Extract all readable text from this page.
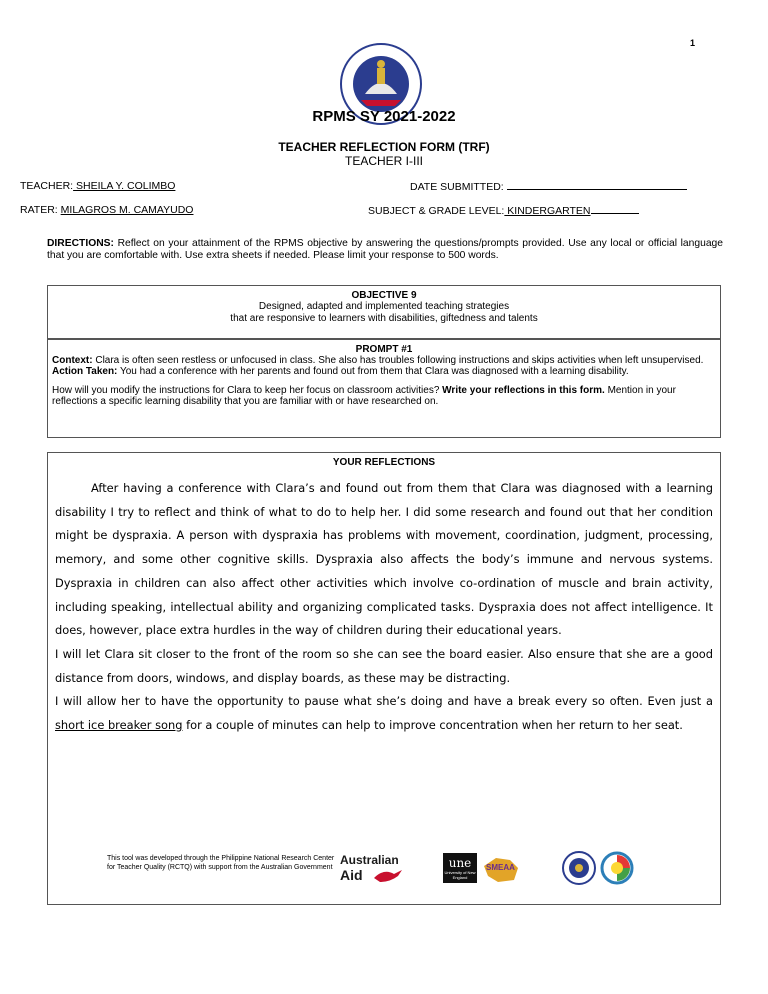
1
RPMS SY 2021-2022
TEACHER REFLECTION FORM (TRF)
TEACHER I-III
TEACHER: SHEILA Y. COLIMBO	DATE SUBMITTED:
RATER: MILAGROS M. CAMAYUDO	SUBJECT & GRADE LEVEL: KINDERGARTEN
DIRECTIONS: Reflect on your attainment of the RPMS objective by answering the questions/prompts provided. Use any local or official language that you are comfortable with. Use extra sheets if needed. Please limit your response to 500 words.
OBJECTIVE 9
Designed, adapted and implemented teaching strategies
that are responsive to learners with disabilities, giftedness and talents
PROMPT #1

Context: Clara is often seen restless or unfocused in class. She also has troubles following instructions and skips activities when left unsupervised.

Action Taken: You had a conference with her parents and found out from them that Clara was diagnosed with a learning disability.

How will you modify the instructions for Clara to keep her focus on classroom activities? Write your reflections in this form. Mention in your reflections a specific learning disability that you are familiar with or have researched on.

YOUR REFLECTIONS

After having a conference with Clara’s and found out from them that Clara was diagnosed with a learning disability I try to reflect and think of what to do to help her. I did some research and found out that her condition might be dyspraxia. A person with dyspraxia has problems with movement, coordination, judgment, processing, memory, and some other cognitive skills. Dyspraxia also affects the body’s immune and nervous systems. Dyspraxia in children can also affect other activities which involve co-ordination of muscle and brain activity, including speaking, intellectual ability and organizing complicated tasks. Dyspraxia does not affect intelligence. It does, however, place extra hurdles in the way of children during their educational years.

I will let Clara sit closer to the front of the room so she can see the board easier. Also ensure that she are a good distance from doors, windows, and display boards, as these may be distracting.

I will allow her to have the opportunity to pause what she’s doing and have a break every so often. Even just a short ice breaker song for a couple of minutes can help to improve concentration when her return to her seat.

This tool was developed through the Philippine National Research Center for Teacher Quality (RCTQ) with support from the Australian Government Australian
Aid
une
University of New England
SMEAA
